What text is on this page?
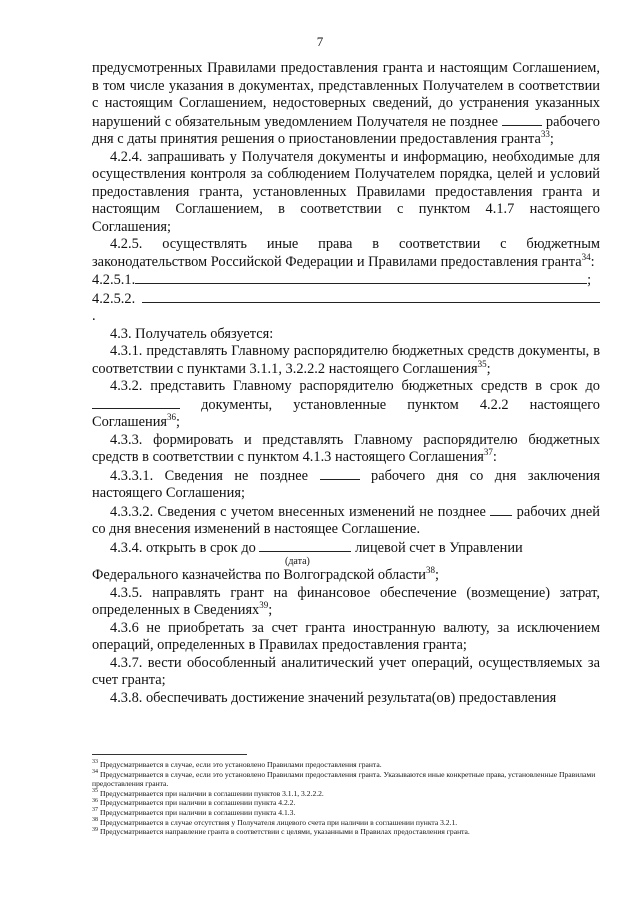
7

предусмотренных Правилами предоставления гранта и настоящим Соглашением, в том числе указания в документах, представленных Получателем в соответствии с настоящим Соглашением, недостоверных сведений, до устранения указанных нарушений с обязательным уведомлением Получателя не позднее	рабочего дня с даты принятия решения о приостановлении предоставления гранта$^{33}$;

4.2.4. запрашивать у Получателя документы и информацию, необходимые для осуществления контроля за соблюдением Получателем порядка, целей и условий предоставления гранта, установленных Правилами предоставления гранта и настоящим Соглашением, в соответствии с пунктом 4.1.7 настоящего Соглашения;

4.2.5. осуществлять иные права в соответствии с бюджетным законодательством Российской Федерации и Правилами предоставления гранта$^{34}$:

4.2.5.1.	;

4.2.5.2. .

4.3. Получатель обязуется:

4.3.1. представлять Главному распорядителю бюджетных средств документы, в соответствии с пунктами 3.1.1, 3.2.2.2 настоящего Соглашения$^{35}$;

4.3.2. представить Главному распорядителю бюджетных средств в срок до  документы, установленные пунктом 4.2.2 настоящего Соглашения$^{36}$;

4.3.3. формировать и представлять Главному распорядителю бюджетных средств в соответствии с пунктом 4.1.3 настоящего Соглашения$^{37}$:

4.3.3.1. Сведения не позднее	рабочего дня со дня заключения настоящего Соглашения;

4.3.3.2. Сведения с учетом внесенных изменений не позднее рабочих дней со дня внесения изменений в настоящее Соглашение.

4.3.4. открыть в срок до	лицевой счет в Управлении
(дата)

Федерального казначейства по Волгоградской области$^{38}$;

4.3.5. направлять грант на финансовое обеспечение (возмещение) затрат, определенных в Сведениях$^{39}$;

4.3.6 не приобретать за счет гранта иностранную валюту, за исключением операций, определенных в Правилах предоставления гранта;

4.3.7. вести обособленный аналитический учет операций, осуществляемых за счет гранта;

4.3.8. обеспечивать достижение значений результата(ов) предоставления

$^{33}$ Предусматривается в случае, если это установлено Правилами предоставления гранта.

$^{34}$ Предусматривается в случае, если это установлено Правилами предоставления гранта. Указываются иные конкретные права, установленные Правилами предоставления гранта.

$^{35}$ Предусматривается при наличии в соглашении пунктов 3.1.1, 3.2.2.2.

$^{36}$ Предусматривается при наличии в соглашении пункта 4.2.2.

$^{37}$ Предусматривается при наличии в соглашении пункта 4.1.3.

$^{38}$ Предусматривается в случае отсутствия у Получателя лицевого счета при наличии в соглашении пункта 3.2.1.

$^{39}$ Предусматривается направление гранта в соответствии с целями, указанными в Правилах предоставления гранта.
